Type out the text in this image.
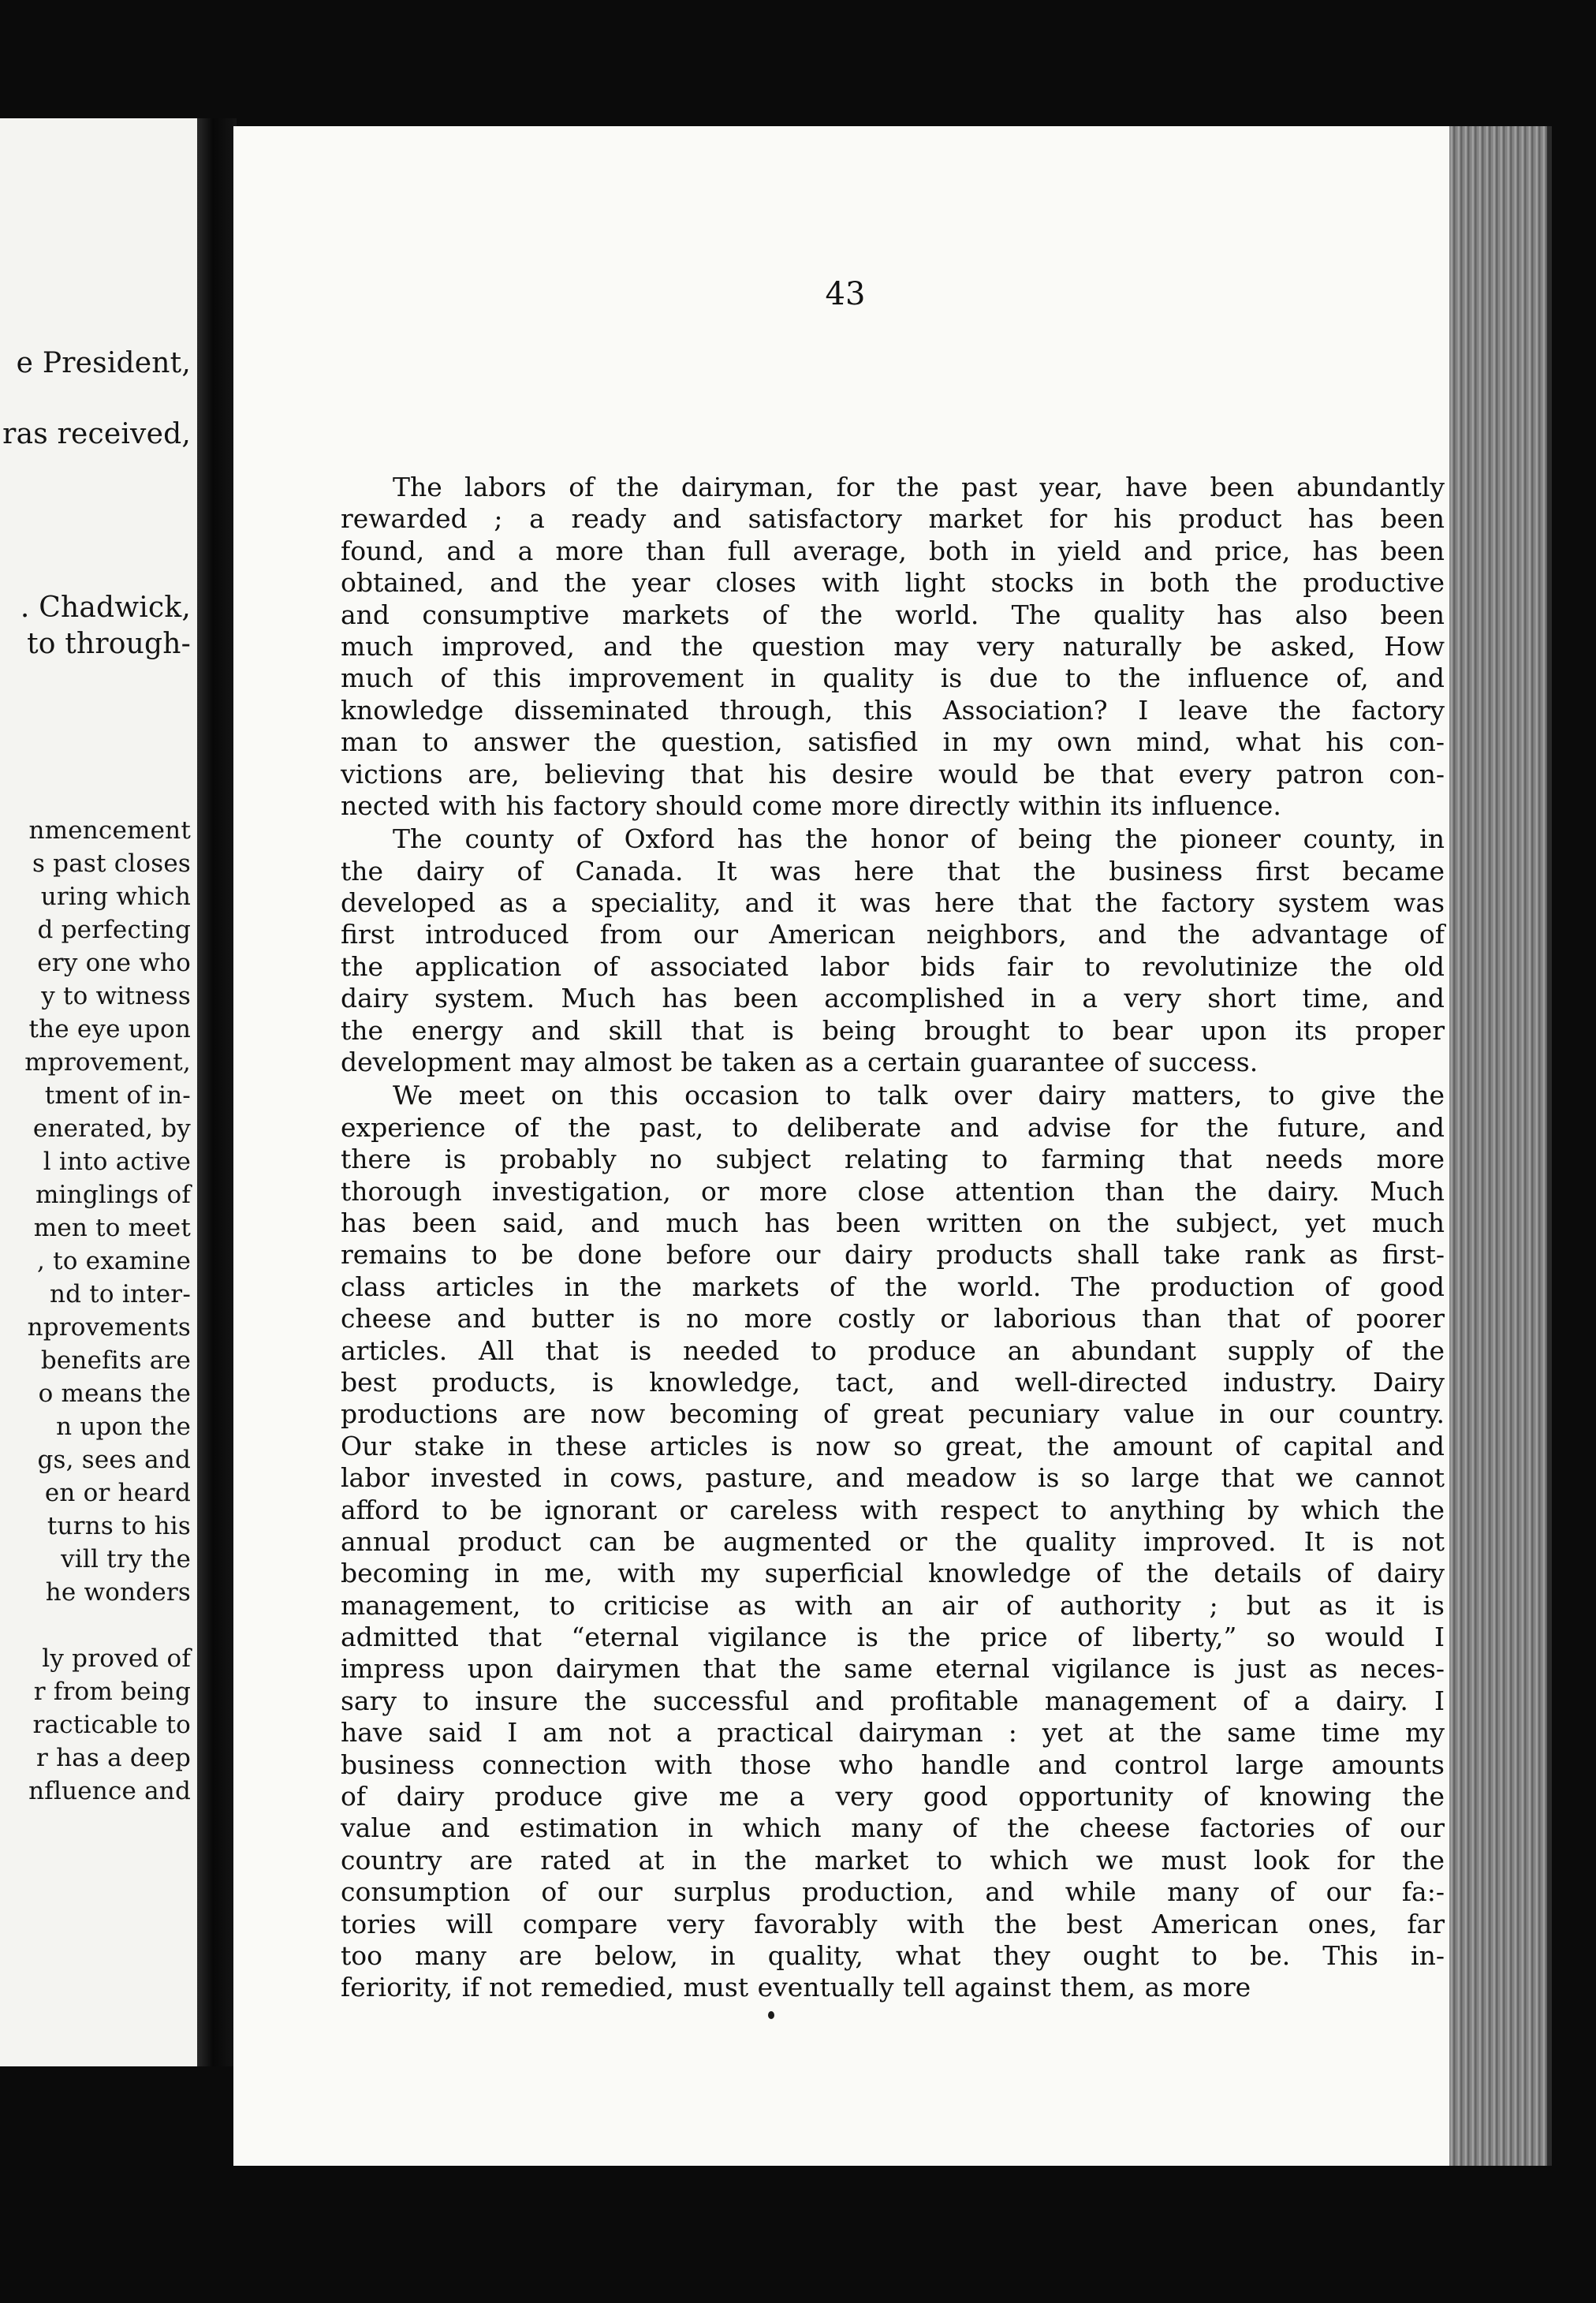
e President,
ras received,
. Chadwick,
to through-
nmencement
s past closes
uring which
d perfecting
ery one who
y to witness
the eye upon
mprovement,
tment of in-
enerated, by
l into active
minglings of
men to meet
, to examine
nd to inter-
nprovements
benefits are
o means the
n upon the
gs, sees and
en or heard
turns to his
vill try the
he wonders
ly proved of
r from being
racticable to
r has a deep
nfluence and
43
The labors of the dairyman, for the past year, have been abundantly
rewarded ; a ready and satisfactory market for his product has been
found, and a more than full average, both in yield and price, has been
obtained, and the year closes with light stocks in both the productive
and consumptive markets of the world. The quality has also been
much improved, and the question may very naturally be asked, How
much of this improvement in quality is due to the influence of, and
knowledge disseminated through, this Association? I leave the factory
man to answer the question, satisfied in my own mind, what his con-
victions are, believing that his desire would be that every patron con-
nected with his factory should come more directly within its influence.
The county of Oxford has the honor of being the pioneer county, in
the dairy of Canada. It was here that the business first became
developed as a speciality, and it was here that the factory system was
first introduced from our American neighbors, and the advantage of
the application of associated labor bids fair to revolutinize the old
dairy system. Much has been accomplished in a very short time, and
the energy and skill that is being brought to bear upon its proper
development may almost be taken as a certain guarantee of success.
We meet on this occasion to talk over dairy matters, to give the
experience of the past, to deliberate and advise for the future, and
there is probably no subject relating to farming that needs more
thorough investigation, or more close attention than the dairy. Much
has been said, and much has been written on the subject, yet much
remains to be done before our dairy products shall take rank as first-
class articles in the markets of the world. The production of good
cheese and butter is no more costly or laborious than that of poorer
articles. All that is needed to produce an abundant supply of the
best products, is knowledge, tact, and well-directed industry. Dairy
productions are now becoming of great pecuniary value in our country.
Our stake in these articles is now so great, the amount of capital and
labor invested in cows, pasture, and meadow is so large that we cannot
afford to be ignorant or careless with respect to anything by which the
annual product can be augmented or the quality improved. It is not
becoming in me, with my superficial knowledge of the details of dairy
management, to criticise as with an air of authority ; but as it is
admitted that “eternal vigilance is the price of liberty,” so would I
impress upon dairymen that the same eternal vigilance is just as neces-
sary to insure the successful and profitable management of a dairy. I
have said I am not a practical dairyman : yet at the same time my
business connection with those who handle and control large amounts
of dairy produce give me a very good opportunity of knowing the
value and estimation in which many of the cheese factories of our
country are rated at in the market to which we must look for the
consumption of our surplus production, and while many of our fa:-
tories will compare very favorably with the best American ones, far
too many are below, in quality, what they ought to be. This in-
feriority, if not remedied, must eventually tell against them, as more
